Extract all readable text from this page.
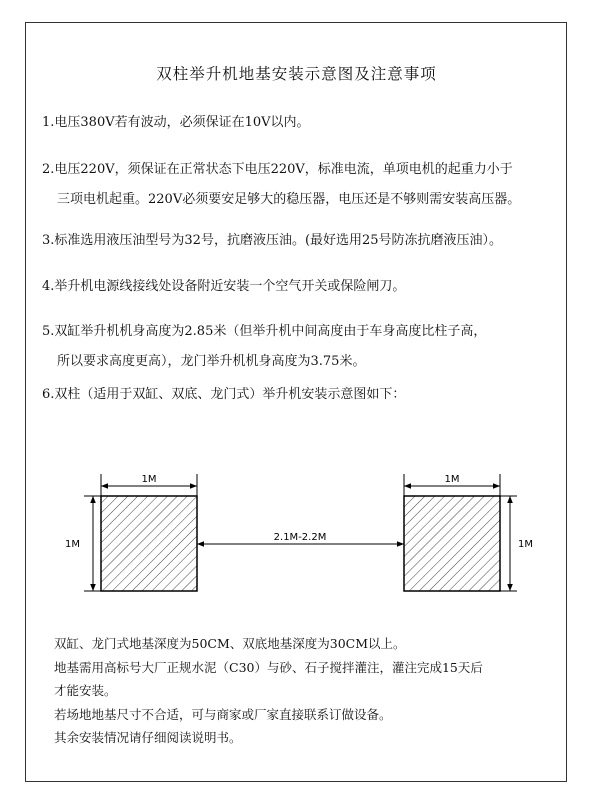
双柱举升机地基安装示意图及注意事项
1.电压380V若有波动，必须保证在10V以内。
2.电压220V，须保证在正常状态下电压220V，标准电流，单项电机的起重力小于
三项电机起重。220V必须要安足够大的稳压器，电压还是不够则需安装高压器。
3.标准选用液压油型号为32号，抗磨液压油。(最好选用25号防冻抗磨液压油）。
4.举升机电源线接线处设备附近安装一个空气开关或保险闸刀。
5.双缸举升机机身高度为2.85米（但举升机中间高度由于车身高度比柱子高，
所以要求高度更高），龙门举升机机身高度为3.75米。
6.双柱（适用于双缸、双底、龙门式）举升机安装示意图如下：
1M
1M
1M
1M
2.1M-2.2M
双缸、龙门式地基深度为50CM、双底地基深度为30CM以上。
地基需用高标号大厂正规水泥（C30）与砂、石子搅拌灌注，灌注完成15天后
才能安装。
若场地地基尺寸不合适，可与商家或厂家直接联系订做设备。
其余安装情况请仔细阅读说明书。
